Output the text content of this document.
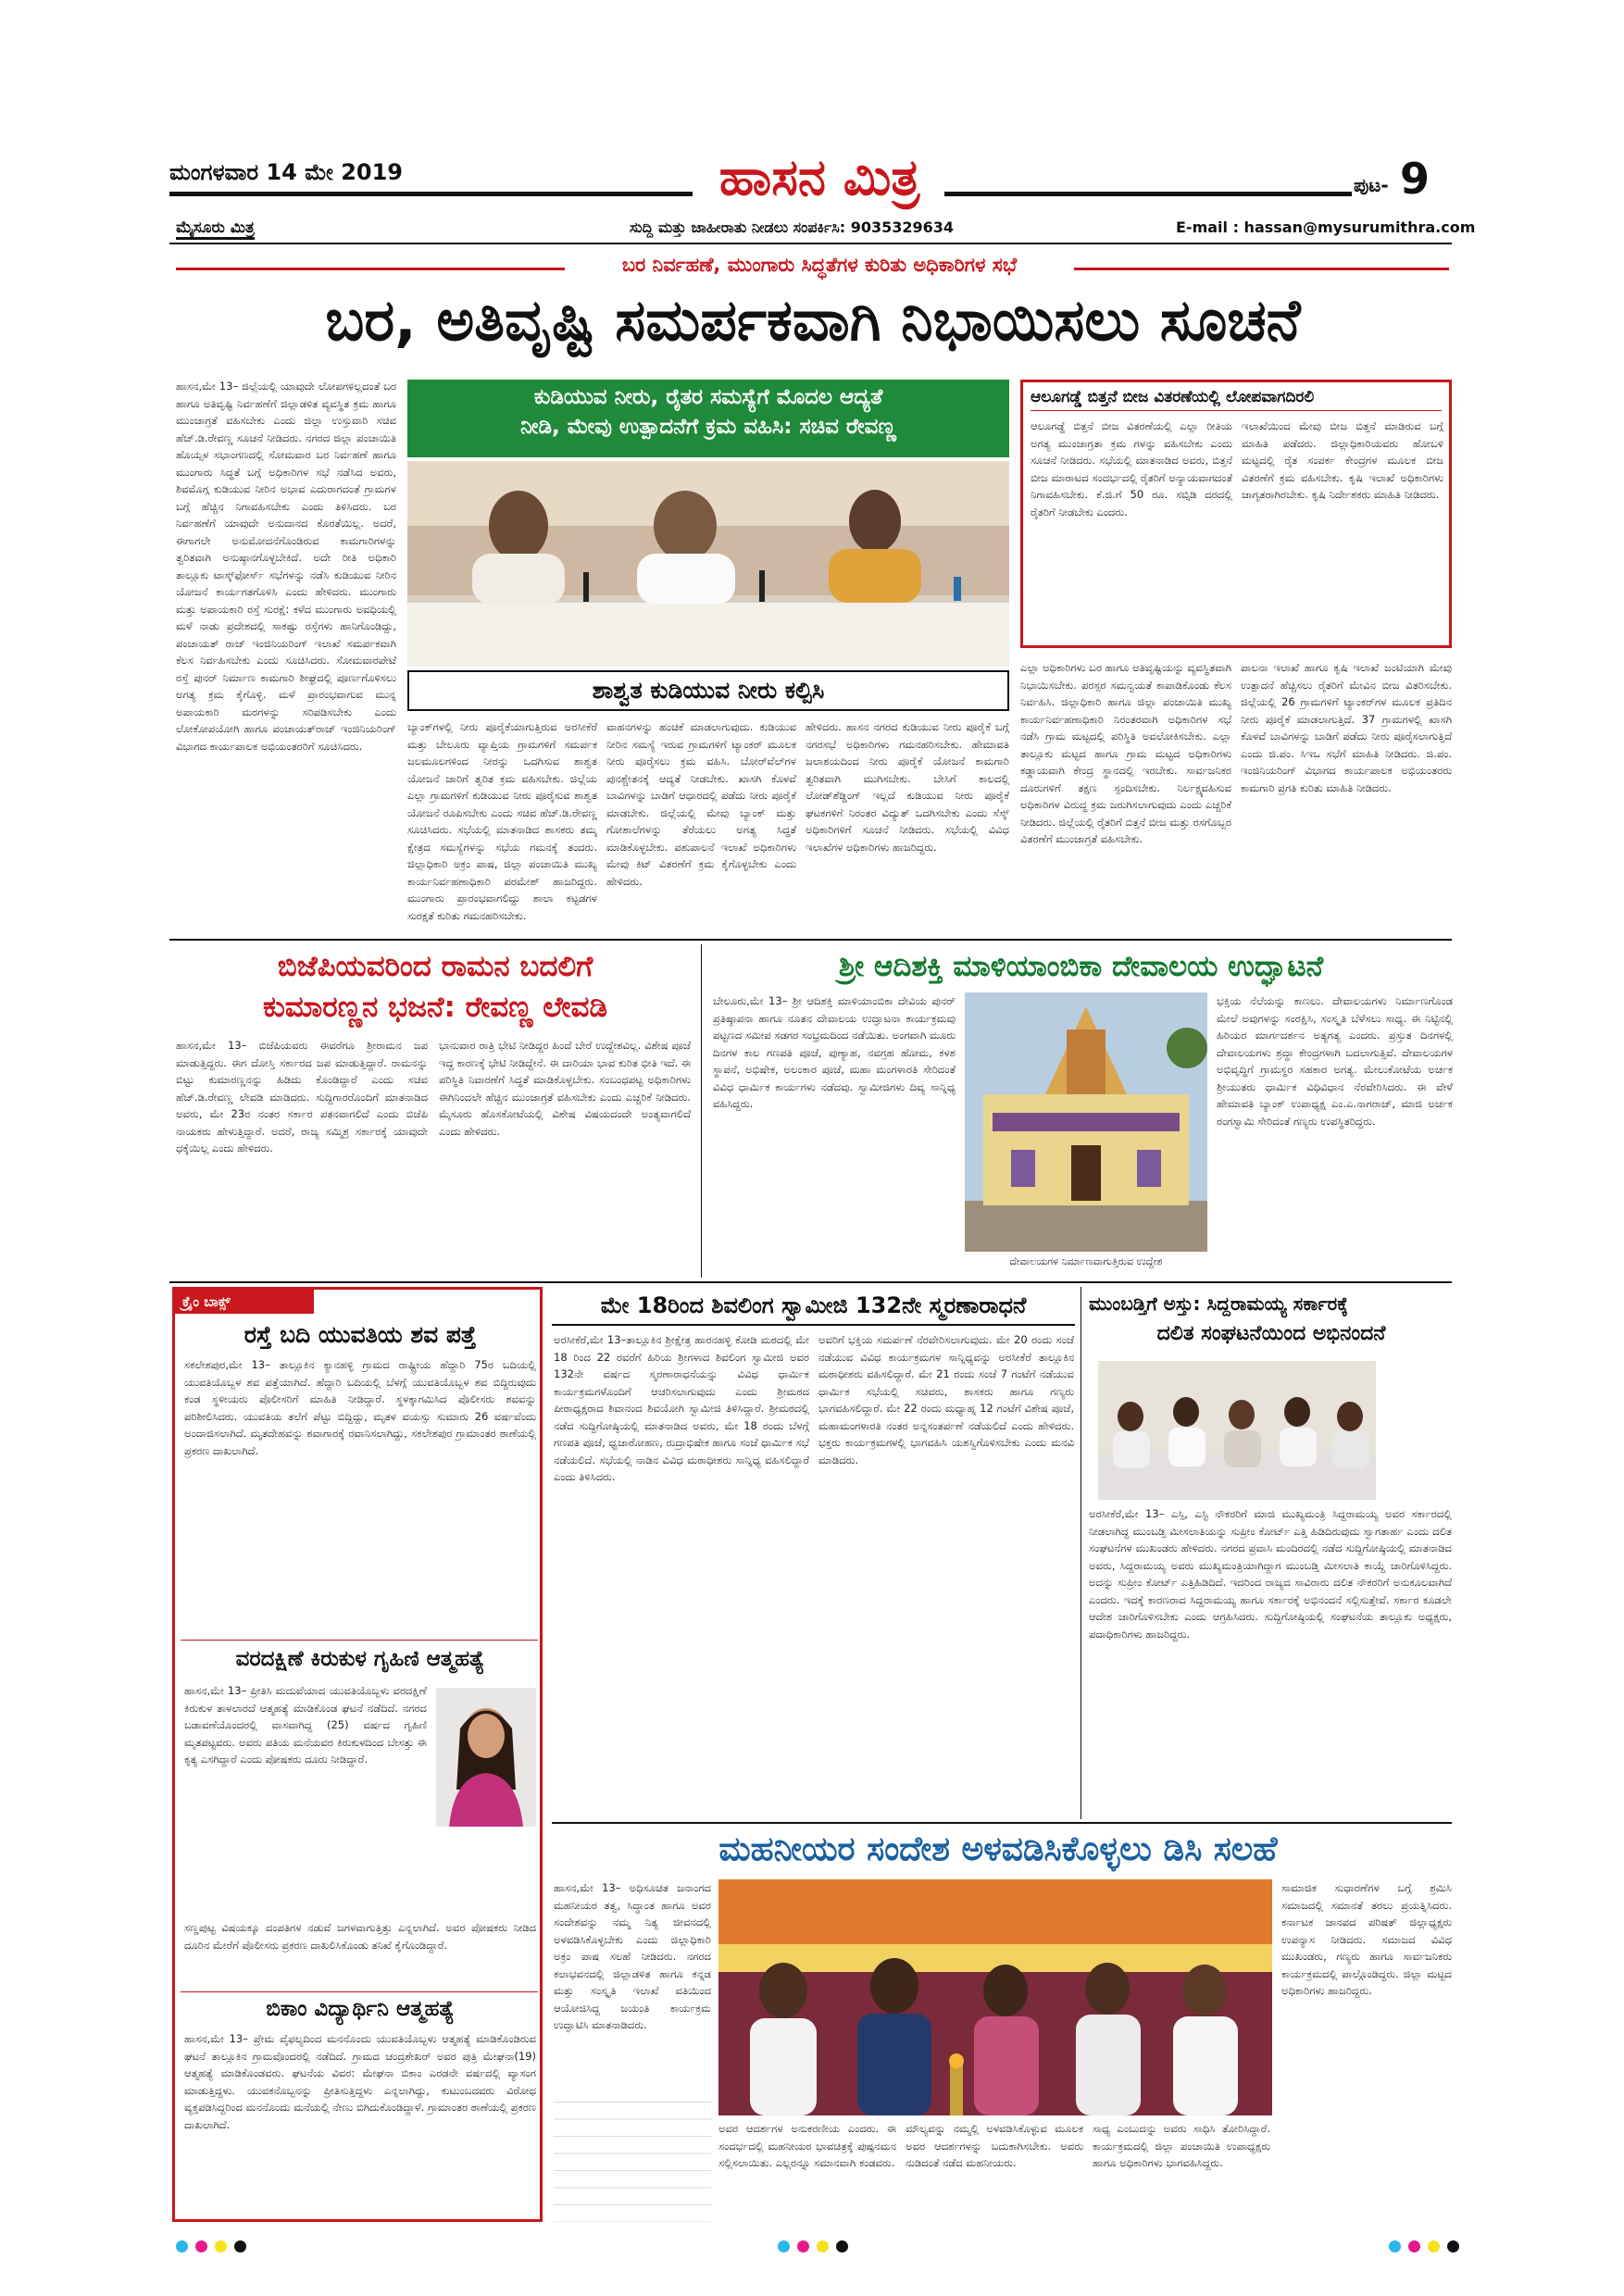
ಮಂಗಳವಾರ 14 ಮೇ 2019	ಹಾಸನ ಮಿತ್ರ	ಪುಟ- 9
ಮೈಸೂರು ಮಿತ್ರ	ಸುದ್ದಿ ಮತ್ತು ಜಾಹೀರಾತು ನೀಡಲು ಸಂಪರ್ಕಿಸಿ: 9035329634	E-mail : hassan@mysurumithra.com
ಬರ ನಿರ್ವಹಣೆ, ಮುಂಗಾರು ಸಿದ್ಧತೆಗಳ ಕುರಿತು ಅಧಿಕಾರಿಗಳ ಸಭೆ
ಬರ, ಅತಿವೃಷ್ಟಿ ಸಮರ್ಪಕವಾಗಿ ನಿಭಾಯಿಸಲು ಸೂಚನೆ
ಹಾಸನ,ಮೇ 13– ಜಿಲ್ಲೆಯಲ್ಲಿ ಯಾವುದೇ ಲೋಪಗಳಿಲ್ಲದಂತೆ ಬರ ಹಾಗೂ ಅತಿವೃಷ್ಟಿ ನಿರ್ವಹಣೆಗೆ ಜಿಲ್ಲಾಡಳಿತ ವ್ಯವಸ್ಥಿತ ಕ್ರಮ ಹಾಗೂ ಮುಂಜಾಗ್ರತೆ ವಹಿಸಬೇಕು ಎಂದು ಜಿಲ್ಲಾ ಉಸ್ತುವಾರಿ ಸಚಿವ ಹೆಚ್.ಡಿ.ರೇವಣ್ಣ ಸೂಚನೆ ನೀಡಿದರು. ನಗರದ ಜಿಲ್ಲಾ ಪಂಚಾಯಿತಿ ಹೊಯ್ಸಳ ಸಭಾಂಗಣದಲ್ಲಿ ಸೋಮವಾರ ಬರ ನಿರ್ವಹಣೆ ಹಾಗೂ ಮುಂಗಾರು ಸಿದ್ಧತೆ ಬಗ್ಗೆ ಅಧಿಕಾರಿಗಳ ಸಭೆ ನಡೆಸಿದ ಅವರು, ಶಿವಮೊಗ್ಗ ಕುಡಿಯುವ ನೀರಿನ ಅಭಾವ ಎದುರಾಗದಂತೆ ಗ್ರಾಮಗಳ ಬಗ್ಗೆ ಹೆಚ್ಚಿನ ನಿಗಾವಹಿಸಬೇಕು ಎಂದು ತಿಳಿಸಿದರು. ಬರ ನಿರ್ವಹಣೆಗೆ ಯಾವುದೇ ಅನುದಾನದ ಕೊರತೆಯಿಲ್ಲ. ಅದರೆ, ಈಗಾಗಲೇ ಅನುಮೋದನೆಗೊಂಡಿರುವ ಕಾಮಗಾರಿಗಳನ್ನು ತ್ವರಿತವಾಗಿ ಅನುಷ್ಠಾನಗೊಳ್ಳಬೇಕಿದೆ. ಅದೇ ರೀತಿ ಅಧಿಕಾರಿ ತಾಲ್ಲೂಕು ಟಾಸ್ಕ್‌ಫೋರ್ಸ್ ಸಭೆಗಳನ್ನು ನಡೆಸಿ ಕುಡಿಯುವ ನೀರಿನ ಯೋಜನೆ ಕಾರ್ಯಗತಗೊಳಿಸಿ ಎಂದು ಹೇಳಿದರು. ಮುಂಗಾರು ಮತ್ತು ಅಪಾಯಕಾರಿ ರಸ್ತೆ ಸುರಕ್ಷೆ: ಕಳೆದ ಮುಂಗಾರು ಅವಧಿಯಲ್ಲಿ ಮಳೆ ನಾಡು ಪ್ರದೇಶದಲ್ಲಿ ಸಾಕಷ್ಟು ರಸ್ತೆಗಳು ಹಾನಿಗೊಂಡಿದ್ದು, ಪಂಚಾಯತ್ ರಾಜ್ ಇಂಜಿನಿಯರಿಂಗ್ ಇಲಾಖೆ ಸಮರ್ಪಕವಾಗಿ ಕೆಲಸ ನಿರ್ವಹಿಸಬೇಕು ಎಂದು ಸೂಚಿಸಿದರು. ಸೋಮವಾರಪೇಟೆ ರಸ್ತೆ ಪುನರ್ ನಿರ್ಮಾಣ ಕಾಮಗಾರಿ ಶೀಘ್ರದಲ್ಲಿ ಪೂರ್ಣಗೊಳಿಸಲು ಅಗತ್ಯ ಕ್ರಮ ಕೈಗೊಳ್ಳಿ. ಮಳೆ ಪ್ರಾರಂಭವಾಗುವ ಮುನ್ನ ಅಪಾಯಕಾರಿ ಮರಗಳನ್ನು ಸರಿಪಡಿಸಬೇಕು ಎಂದು ಲೋಕೋಪಯೋಗಿ ಹಾಗೂ ಪಂಚಾಯತ್‌ರಾಜ್ ಇಂಜಿನಿಯರಿಂಗ್ ವಿಭಾಗದ ಕಾರ್ಯಪಾಲಕ ಅಭಿಯಂತರರಿಗೆ ಸೂಚಿಸಿದರು.
ಕುಡಿಯುವ ನೀರು, ರೈತರ ಸಮಸ್ಯೆಗೆ ಮೊದಲ ಆದ್ಯತೆ
ನೀಡಿ, ಮೇವು ಉತ್ಪಾದನೆಗೆ ಕ್ರಮ ವಹಿಸಿ: ಸಚಿವ ರೇವಣ್ಣ
ಶಾಶ್ವತ ಕುಡಿಯುವ ನೀರು ಕಲ್ಪಿಸಿ
ಬ್ಯಾಂಕ್‌ಗಳಲ್ಲಿ ನೀರು ಪೂರೈಕೆಯಾಗುತ್ತಿರುವ ಅರಸೀಕೆರೆ ಮತ್ತು ಬೇಲೂರು ವ್ಯಾಪ್ತಿಯ ಗ್ರಾಮಗಳಿಗೆ ಸಮರ್ಪಕ ಜಲಮೂಲಗಳಿಂದ ನೀರನ್ನು ಒದಗಿಸುವ ಶಾಶ್ವತ ಯೋಜನೆ ಜಾರಿಗೆ ತ್ವರಿತ ಕ್ರಮ ವಹಿಸಬೇಕು. ಜಿಲ್ಲೆಯ ಎಲ್ಲಾ ಗ್ರಾಮಗಳಿಗೆ ಕುಡಿಯುವ ನೀರು ಪೂರೈಸುವ ಶಾಶ್ವತ ಯೋಜನೆ ರೂಪಿಸಬೇಕು ಎಂದು ಸಚಿವ ಹೆಚ್.ಡಿ.ರೇವಣ್ಣ ಸೂಚಿಸಿದರು. ಸಭೆಯಲ್ಲಿ ಮಾತನಾಡಿದ ಶಾಸಕರು ತಮ್ಮ ಕ್ಷೇತ್ರದ ಸಮಸ್ಯೆಗಳನ್ನು ಸಭೆಯ ಗಮನಕ್ಕೆ ತಂದರು. ಜಿಲ್ಲಾಧಿಕಾರಿ ಅಕ್ರಂ ಪಾಷ, ಜಿಲ್ಲಾ ಪಂಚಾಯಿತಿ ಮುಖ್ಯ ಕಾರ್ಯನಿರ್ವಹಣಾಧಿಕಾರಿ ಪರಮೇಶ್ ಹಾಜರಿದ್ದರು. ಮುಂಗಾರು ಪ್ರಾರಂಭವಾಗಲಿದ್ದು ಶಾಲಾ ಕಟ್ಟಡಗಳ ಸುರಕ್ಷತೆ ಕುರಿತು ಗಮನಹರಿಸಬೇಕು.
ವಾಹನಗಳನ್ನು ಹಂಚಿಕೆ ಮಾಡಲಾಗುವುದು. ಕುಡಿಯುವ ನೀರಿನ ಸಮಸ್ಯೆ ಇರುವ ಗ್ರಾಮಗಳಿಗೆ ಟ್ಯಾಂಕರ್ ಮೂಲಕ ನೀರು ಪೂರೈಸಲು ಕ್ರಮ ವಹಿಸಿ. ಬೋರ್‌ವೆಲ್‌ಗಳ ಪುನಶ್ಚೇತನಕ್ಕೆ ಆದ್ಯತೆ ನೀಡಬೇಕು. ಖಾಸಗಿ ಕೊಳವೆ ಬಾವಿಗಳನ್ನು ಬಾಡಿಗೆ ಆಧಾರದಲ್ಲಿ ಪಡೆದು ನೀರು ಪೂರೈಕೆ ಮಾಡಬೇಕು. ಜಿಲ್ಲೆಯಲ್ಲಿ ಮೇವು ಬ್ಯಾಂಕ್ ಮತ್ತು ಗೋಶಾಲೆಗಳನ್ನು ತೆರೆಯಲು ಅಗತ್ಯ ಸಿದ್ಧತೆ ಮಾಡಿಕೊಳ್ಳಬೇಕು. ಪಶುಪಾಲನೆ ಇಲಾಖೆ ಅಧಿಕಾರಿಗಳು ಮೇವು ಕಿಟ್ ವಿತರಣೆಗೆ ಕ್ರಮ ಕೈಗೊಳ್ಳಬೇಕು ಎಂದು ಹೇಳಿದರು.
ಹೇಳಿದರು. ಹಾಸನ ನಗರದ ಕುಡಿಯುವ ನೀರು ಪೂರೈಕೆ ಬಗ್ಗೆ ನಗರಸಭೆ ಅಧಿಕಾರಿಗಳು ಗಮನಹರಿಸಬೇಕು. ಹೇಮಾವತಿ ಜಲಾಶಯದಿಂದ ನೀರು ಪೂರೈಕೆ ಯೋಜನೆ ಕಾಮಗಾರಿ ತ್ವರಿತವಾಗಿ ಮುಗಿಸಬೇಕು. ಬೇಸಿಗೆ ಕಾಲದಲ್ಲಿ ಲೋಡ್‌ಶೆಡ್ಡಿಂಗ್ ಇಲ್ಲದೆ ಕುಡಿಯುವ ನೀರು ಪೂರೈಕೆ ಘಟಕಗಳಿಗೆ ನಿರಂತರ ವಿದ್ಯುತ್ ಒದಗಿಸಬೇಕು ಎಂದು ಸೆಸ್ಕ್ ಅಧಿಕಾರಿಗಳಿಗೆ ಸೂಚನೆ ನೀಡಿದರು. ಸಭೆಯಲ್ಲಿ ವಿವಿಧ ಇಲಾಖೆಗಳ ಅಧಿಕಾರಿಗಳು ಹಾಜರಿದ್ದರು.
ಆಲೂಗಡ್ಡೆ ಬಿತ್ತನೆ ಬೀಜ ವಿತರಣೆಯಲ್ಲಿ ಲೋಪವಾಗದಿರಲಿ
ಆಲೂಗಡ್ಡೆ ಬಿತ್ತನೆ ಬೀಜ ವಿತರಣೆಯಲ್ಲಿ ಎಲ್ಲಾ ರೀತಿಯ ಅಗತ್ಯ ಮುಂಜಾಗ್ರತಾ ಕ್ರಮ ಗಳನ್ನು ವಹಿಸಬೇಕು ಎಂದು ಸೂಚನೆ ನೀಡಿದರು. ಸಭೆಯಲ್ಲಿ ಮಾತನಾಡಿದ ಅವರು, ಬಿತ್ತನೆ ಬೀಜ ಮಾರಾಟದ ಸಂದರ್ಭದಲ್ಲಿ ರೈತರಿಗೆ ಅನ್ಯಾಯವಾಗದಂತೆ ನಿಗಾವಹಿಸಬೇಕು. ಕೆ.ಜಿ.ಗೆ 50 ರೂ. ಸಬ್ಸಿಡಿ ದರದಲ್ಲಿ ರೈತರಿಗೆ ನೀಡಬೇಕು ಎಂದರು.
ಇಲಾಖೆಯಿಂದ ಮೇವು ಬೀಜ ಬಿತ್ತನೆ ಮಾಡಿರುವ ಬಗ್ಗೆ ಮಾಹಿತಿ ಪಡೆದರು. ಜಿಲ್ಲಾಧಿಕಾರಿಯವರು ಹೋಬಳಿ ಮಟ್ಟದಲ್ಲಿ ರೈತ ಸಂಪರ್ಕ ಕೇಂದ್ರಗಳ ಮೂಲಕ ಬೀಜ ವಿತರಣೆಗೆ ಕ್ರಮ ವಹಿಸಬೇಕು. ಕೃಷಿ ಇಲಾಖೆ ಅಧಿಕಾರಿಗಳು ಜಾಗೃತರಾಗಿರಬೇಕು. ಕೃಷಿ ನಿರ್ದೇಶಕರು ಮಾಹಿತಿ ನೀಡಿದರು.
ಎಲ್ಲಾ ಅಧಿಕಾರಿಗಳು ಬರ ಹಾಗೂ ಅತಿವೃಷ್ಟಿಯನ್ನು ವ್ಯವಸ್ಥಿತವಾಗಿ ನಿಭಾಯಿಸಬೇಕು. ಪರಸ್ಪರ ಸಮನ್ವಯತೆ ಕಾಪಾಡಿಕೊಂಡು ಕೆಲಸ ನಿರ್ವಹಿಸಿ. ಜಿಲ್ಲಾಧಿಕಾರಿ ಹಾಗೂ ಜಿಲ್ಲಾ ಪಂಚಾಯಿತಿ ಮುಖ್ಯ ಕಾರ್ಯನಿರ್ವಹಣಾಧಿಕಾರಿ ನಿರಂತರವಾಗಿ ಅಧಿಕಾರಿಗಳ ಸಭೆ ನಡೆಸಿ ಗ್ರಾಮ ಮಟ್ಟದಲ್ಲಿ ಪರಿಸ್ಥಿತಿ ಅವಲೋಕಿಸಬೇಕು. ಎಲ್ಲಾ ತಾಲ್ಲೂಕು ಮಟ್ಟದ ಹಾಗೂ ಗ್ರಾಮ ಮಟ್ಟದ ಅಧಿಕಾರಿಗಳು ಕಡ್ಡಾಯವಾಗಿ ಕೇಂದ್ರ ಸ್ಥಾನದಲ್ಲಿ ಇರಬೇಕು. ಸಾರ್ವಜನಿಕರ ದೂರುಗಳಿಗೆ ತಕ್ಷಣ ಸ್ಪಂದಿಸಬೇಕು. ನಿರ್ಲಕ್ಷ್ಯವಹಿಸುವ ಅಧಿಕಾರಿಗಳ ವಿರುದ್ಧ ಕ್ರಮ ಜರುಗಿಸಲಾಗುವುದು ಎಂದು ಎಚ್ಚರಿಕೆ ನೀಡಿದರು. ಜಿಲ್ಲೆಯಲ್ಲಿ ರೈತರಿಗೆ ಬಿತ್ತನೆ ಬೀಜ ಮತ್ತು ರಸಗೊಬ್ಬರ ವಿತರಣೆಗೆ ಮುಂಜಾಗ್ರತೆ ವಹಿಸಬೇಕು.
ಪಾಲನಾ ಇಲಾಖೆ ಹಾಗೂ ಕೃಷಿ ಇಲಾಖೆ ಜಂಟಿಯಾಗಿ ಮೇವು ಉತ್ಪಾದನೆ ಹೆಚ್ಚಿಸಲು ರೈತರಿಗೆ ಮೇವಿನ ಬೀಜ ವಿತರಿಸಬೇಕು. ಜಿಲ್ಲೆಯಲ್ಲಿ 26 ಗ್ರಾಮಗಳಿಗೆ ಟ್ಯಾಂಕರ್‌ಗಳ ಮೂಲಕ ಪ್ರತಿದಿನ ನೀರು ಪೂರೈಕೆ ಮಾಡಲಾಗುತ್ತಿದೆ. 37 ಗ್ರಾಮಗಳಲ್ಲಿ ಖಾಸಗಿ ಕೊಳವೆ ಬಾವಿಗಳನ್ನು ಬಾಡಿಗೆ ಪಡೆದು ನೀರು ಪೂರೈಸಲಾಗುತ್ತಿದೆ ಎಂದು ಜಿ.ಪಂ. ಸಿಇಒ ಸಭೆಗೆ ಮಾಹಿತಿ ನೀಡಿದರು. ಜಿ.ಪಂ. ಇಂಜಿನಿಯರಿಂಗ್ ವಿಭಾಗದ ಕಾರ್ಯಪಾಲಕ ಅಭಿಯಂತರರು ಕಾಮಗಾರಿ ಪ್ರಗತಿ ಕುರಿತು ಮಾಹಿತಿ ನೀಡಿದರು.
ಬಿಜೆಪಿಯವರಿಂದ ರಾಮನ ಬದಲಿಗೆ
ಕುಮಾರಣ್ಣನ ಭಜನೆ: ರೇವಣ್ಣ ಲೇವಡಿ
ಹಾಸನ,ಮೇ 13– ಬಿಜೆಪಿಯವರು ಈವರೆಗೂ ಶ್ರೀರಾಮನ ಜಪ ಮಾಡುತ್ತಿದ್ದರು. ಈಗ ದೋಸ್ತಿ ಸರ್ಕಾರದ ಜಪ ಮಾಡುತ್ತಿದ್ದಾರೆ. ರಾಮನನ್ನು ಬಿಟ್ಟು ಕುಮಾರಣ್ಣನನ್ನು ಹಿಡಿದು ಕೊಂಡಿದ್ದಾರೆ ಎಂದು ಸಚಿವ ಹೆಚ್.ಡಿ.ರೇವಣ್ಣ ಲೇವಡಿ ಮಾಡಿದರು. ಸುದ್ದಿಗಾರರೊಂದಿಗೆ ಮಾತನಾಡಿದ ಅವರು, ಮೇ 23ರ ನಂತರ ಸರ್ಕಾರ ಪತನವಾಗಲಿದೆ ಎಂದು ಬಿಜೆಪಿ ನಾಯಕರು ಹೇಳುತ್ತಿದ್ದಾರೆ. ಅದರೆ, ರಾಜ್ಯ ಸಮ್ಮಿಶ್ರ ಸರ್ಕಾರಕ್ಕೆ ಯಾವುದೇ ಧಕ್ಕೆಯಿಲ್ಲ ಎಂದು ಹೇಳಿದರು.
ಭಾನುವಾರ ರಾತ್ರಿ ಭೇಟಿ ನೀಡಿದ್ದರ ಹಿಂದೆ ಬೇರೆ ಉದ್ದೇಶವಿಲ್ಲ. ವಿಶೇಷ ಪೂಜೆ ಇದ್ದ ಕಾರಣಕ್ಕೆ ಭೇಟಿ ನೀಡಿದ್ದೇನೆ. ಈ ದಾರಿಯಾ ಭಾವ ಕುರಿತ ಭೀತಿ ಇದೆ. ಈ ಪರಿಸ್ಥಿತಿ ನಿವಾರಣೆಗೆ ಸಿದ್ಧತೆ ಮಾಡಿಕೊಳ್ಳಬೇಕು. ಸಂಬಂಧಪಟ್ಟ ಅಧಿಕಾರಿಗಳು ಈಗಿನಿಂದಲೇ ಹೆಚ್ಚಿನ ಮುಂಜಾಗ್ರತೆ ವಹಿಸಬೇಕು ಎಂದು ಎಚ್ಚರಿಕೆ ನೀಡಿದರು. ಮೈಸೂರು ಹೊಸಕೋಟೆಯಲ್ಲಿ ವಿಶೇಷ ವಿಷಯದಂದೇ ಅಂತ್ಯವಾಗಲಿದೆ ಎಂದು ಹೇಳಿದರು.
ಶ್ರೀ ಆದಿಶಕ್ತಿ ಮಾಳಿಯಾಂಬಿಕಾ ದೇವಾಲಯ ಉದ್ಘಾಟನೆ
ಬೇಲೂರು,ಮೇ 13– ಶ್ರೀ ಆದಿಶಕ್ತಿ ಮಾಳಿಯಾಂಬಿಕಾ ದೇವಿಯ ಪುನರ್ ಪ್ರತಿಷ್ಠಾಪನಾ ಹಾಗೂ ನೂತನ ದೇವಾಲಯ ಉದ್ಘಾಟನಾ ಕಾರ್ಯಕ್ರಮವು ಪಟ್ಟಣದ ಸಮೀಪ ಸಡಗರ ಸಂಭ್ರಮದಿಂದ ನಡೆಯಿತು. ಅಂಗವಾಗಿ ಮೂರು ದಿನಗಳ ಕಾಲ ಗಣಪತಿ ಪೂಜೆ, ಪುಣ್ಯಾಹ, ನವಗ್ರಹ ಹೋಮ, ಕಳಶ ಸ್ಥಾಪನೆ, ಅಭಿಷೇಕ, ಅಲಂಕಾರ ಪೂಜೆ, ಮಹಾ ಮಂಗಳಾರತಿ ಸೇರಿದಂತೆ ವಿವಿಧ ಧಾರ್ಮಿಕ ಕಾರ್ಯಗಳು ನಡೆದವು. ಸ್ವಾಮೀಜಿಗಳು ದಿವ್ಯ ಸಾನ್ನಿಧ್ಯ ವಹಿಸಿದ್ದರು.
ದೇವಾಲಯಗಳ ನಿರ್ಮಾಣವಾಗುತ್ತಿರುವ ಉದ್ದೇಶ
ಭಕ್ತಿಯ ನೆಲೆಯನ್ನು ಕಾಣಲು. ದೇವಾಲಯಗಳು ನಿರ್ಮಾಣಗೊಂಡ ಮೇಲೆ ಅವುಗಳನ್ನು ಸಂರಕ್ಷಿಸಿ, ಸಂಸ್ಕೃತಿ ಬೆಳೆಸಲು ಸಾಧ್ಯ. ಈ ನಿಟ್ಟಿನಲ್ಲಿ ಹಿರಿಯರ ಮಾರ್ಗದರ್ಶನ ಅತ್ಯಗತ್ಯ ಎಂದರು. ಪ್ರಸ್ತುತ ದಿನಗಳಲ್ಲಿ ದೇವಾಲಯಗಳು ಶ್ರದ್ಧಾ ಕೇಂದ್ರಗಳಾಗಿ ಬದಲಾಗುತ್ತಿವೆ. ದೇವಾಲಯಗಳ ಅಭಿವೃದ್ಧಿಗೆ ಗ್ರಾಮಸ್ಥರ ಸಹಕಾರ ಅಗತ್ಯ. ಮೇಲುಕೋಟೆಯ ಅರ್ಚಕ ಶ್ರೀಯುತರು ಧಾರ್ಮಿಕ ವಿಧಿವಿಧಾನ ನೆರವೇರಿಸಿದರು. ಈ ವೇಳೆ ಹೇಮಾವತಿ ಬ್ಯಾಂಕ್ ಉಪಾಧ್ಯಕ್ಷ ಎಂ.ಎ.ನಾಗರಾಜ್, ಮಾಜಿ ಅರ್ಚಕ ರಂಗಸ್ವಾಮಿ ಸೇರಿದಂತೆ ಗಣ್ಯರು ಉಪಸ್ಥಿತರಿದ್ದರು.
ಕ್ರೈಂ ಬಾಕ್ಸ್
ರಸ್ತೆ ಬದಿ ಯುವತಿಯ ಶವ ಪತ್ತೆ
ಸಕಲೇಶಪುರ,ಮೇ 13– ತಾಲ್ಲೂಕಿನ ಕ್ಯಾನಹಳ್ಳಿ ಗ್ರಾಮದ ರಾಷ್ಟ್ರೀಯ ಹೆದ್ದಾರಿ 75ರ ಬದಿಯಲ್ಲಿ ಯುವತಿಯೊಬ್ಬಳ ಶವ ಪತ್ತೆಯಾಗಿದೆ. ಹೆದ್ದಾರಿ ಬದಿಯಲ್ಲಿ ಬೆಳಗ್ಗೆ ಯುವತಿಯೊಬ್ಬಳ ಶವ ಬಿದ್ದಿರುವುದು ಕಂಡ ಸ್ಥಳೀಯರು ಪೊಲೀಸರಿಗೆ ಮಾಹಿತಿ ನೀಡಿದ್ದಾರೆ. ಸ್ಥಳಕ್ಕಾಗಮಿಸಿದ ಪೊಲೀಸರು ಶವವನ್ನು ಪರಿಶೀಲಿಸಿದರು. ಯುವತಿಯ ತಲೆಗೆ ಪೆಟ್ಟು ಬಿದ್ದಿದ್ದು, ಮೃತಳ ವಯಸ್ಸು ಸುಮಾರು 26 ವರ್ಷವೆಂದು ಅಂದಾಜಿಸಲಾಗಿದೆ. ಮೃತದೇಹವನ್ನು ಶವಾಗಾರಕ್ಕೆ ರವಾನಿಸಲಾಗಿದ್ದು, ಸಕಲೇಶಪುರ ಗ್ರಾಮಾಂತರ ಠಾಣೆಯಲ್ಲಿ ಪ್ರಕರಣ ದಾಖಲಾಗಿದೆ.
ವರದಕ್ಷಿಣೆ ಕಿರುಕುಳ ಗೃಹಿಣಿ ಆತ್ಮಹತ್ಯೆ
ಹಾಸನ,ಮೇ 13– ಪ್ರೀತಿಸಿ ಮದುವೆಯಾದ ಯುವತಿಯೊಬ್ಬಳು ವರದಕ್ಷಿಣೆ ಕಿರುಕುಳ ತಾಳಲಾರದೆ ಆತ್ಮಹತ್ಯೆ ಮಾಡಿಕೊಂಡ ಘಟನೆ ನಡೆದಿದೆ. ನಗರದ ಬಡಾವಣೆಯೊಂದರಲ್ಲಿ ವಾಸವಾಗಿದ್ದ (25) ವರ್ಷದ ಗೃಹಿಣಿ ಮೃತಪಟ್ಟವರು. ಅವರು ಪತಿಯ ಮನೆಯವರ ಕಿರುಕುಳದಿಂದ ಬೇಸತ್ತು ಈ ಕೃತ್ಯ ಎಸಗಿದ್ದಾರೆ ಎಂದು ಪೋಷಕರು ದೂರು ನೀಡಿದ್ದಾರೆ.
ಸಣ್ಣಪುಟ್ಟ ವಿಷಯಕ್ಕೂ ದಂಪತಿಗಳ ನಡುವೆ ಜಗಳವಾಗುತ್ತಿತ್ತು ಎನ್ನಲಾಗಿದೆ. ಅವರ ಪೋಷಕರು ನೀಡಿದ ದೂರಿನ ಮೇರೆಗೆ ಪೊಲೀಸರು ಪ್ರಕರಣ ದಾಖಲಿಸಿಕೊಂಡು ತನಿಖೆ ಕೈಗೊಂಡಿದ್ದಾರೆ.
ಬಿಕಾಂ ವಿದ್ಯಾರ್ಥಿನಿ ಆತ್ಮಹತ್ಯೆ
ಹಾಸನ,ಮೇ 13– ಪ್ರೇಮ ವೈಫಲ್ಯದಿಂದ ಮನನೊಂದು ಯುವತಿಯೊಬ್ಬಳು ಆತ್ಮಹತ್ಯೆ ಮಾಡಿಕೊಂಡಿರುವ ಘಟನೆ ತಾಲ್ಲೂಕಿನ ಗ್ರಾಮವೊಂದರಲ್ಲಿ ನಡೆದಿದೆ. ಗ್ರಾಮದ ಚಂದ್ರಶೇಖರ್ ಅವರ ಪುತ್ರಿ ಮೇಘನಾ(19) ಆತ್ಮಹತ್ಯೆ ಮಾಡಿಕೊಂಡವರು. ಘಟನೆಯ ವಿವರ: ಮೇಘನಾ ಬಿಕಾಂ ಎರಡನೇ ವರ್ಷದಲ್ಲಿ ವ್ಯಾಸಂಗ ಮಾಡುತ್ತಿದ್ದಳು. ಯುವಕನೊಬ್ಬನನ್ನು ಪ್ರೀತಿಸುತ್ತಿದ್ದಳು ಎನ್ನಲಾಗಿದ್ದು, ಕುಟುಂಬದವರು ವಿರೋಧ ವ್ಯಕ್ತಪಡಿಸಿದ್ದರಿಂದ ಮನನೊಂದು ಮನೆಯಲ್ಲಿ ನೇಣು ಬಿಗಿದುಕೊಂಡಿದ್ದಾಳೆ. ಗ್ರಾಮಾಂತರ ಠಾಣೆಯಲ್ಲಿ ಪ್ರಕರಣ ದಾಖಲಾಗಿದೆ.
ಮೇ 18ರಿಂದ ಶಿವಲಿಂಗ ಸ್ವಾಮೀಜಿ 132ನೇ ಸ್ಮರಣಾರಾಧನೆ
ಅರಸೀಕೆರೆ,ಮೇ 13–ತಾಲ್ಲೂಕಿನ ಶ್ರೀಕ್ಷೇತ್ರ ಹಾರನಹಳ್ಳಿ ಕೋಡಿ ಮಠದಲ್ಲಿ ಮೇ 18 ರಿಂದ 22 ರವರೆಗೆ ಹಿರಿಯ ಶ್ರೀಗಳಾದ ಶಿವಲಿಂಗ ಸ್ವಾಮೀಜಿ ಅವರ 132ನೇ ವರ್ಷದ ಸ್ಮರಣಾರಾಧನೆಯನ್ನು ವಿವಿಧ ಧಾರ್ಮಿಕ ಕಾರ್ಯಕ್ರಮಗಳೊಂದಿಗೆ ಆಚರಿಸಲಾಗುವುದು ಎಂದು ಶ್ರೀಮಠದ ಪೀಠಾಧ್ಯಕ್ಷರಾದ ಶಿವಾನಂದ ಶಿವಯೋಗಿ ಸ್ವಾಮೀಜಿ ತಿಳಿಸಿದ್ದಾರೆ. ಶ್ರೀಮಠದಲ್ಲಿ ನಡೆದ ಸುದ್ದಿಗೋಷ್ಠಿಯಲ್ಲಿ ಮಾತನಾಡಿದ ಅವರು, ಮೇ 18 ರಂದು ಬೆಳಗ್ಗೆ ಗಣಪತಿ ಪೂಜೆ, ಧ್ವಜಾರೋಹಣ, ರುದ್ರಾಭಿಷೇಕ ಹಾಗೂ ಸಂಜೆ ಧಾರ್ಮಿಕ ಸಭೆ ನಡೆಯಲಿದೆ. ಸಭೆಯಲ್ಲಿ ನಾಡಿನ ವಿವಿಧ ಮಠಾಧೀಶರು ಸಾನ್ನಿಧ್ಯ ವಹಿಸಲಿದ್ದಾರೆ ಎಂದು ತಿಳಿಸಿದರು.
ಅವರಿಗೆ ಭಕ್ತಿಯ ಸಮರ್ಪಣೆ ನೆರವೇರಿಸಲಾಗುವುದು. ಮೇ 20 ರಂದು ಸಂಜೆ ನಡೆಯುವ ವಿವಿಧ ಕಾರ್ಯಕ್ರಮಗಳ ಸಾನ್ನಿಧ್ಯವನ್ನು ಅರಸೀಕೆರೆ ತಾಲ್ಲೂಕಿನ ಮಠಾಧೀಶರು ವಹಿಸಲಿದ್ದಾರೆ. ಮೇ 21 ರಂದು ಸಂಜೆ 7 ಗಂಟೆಗೆ ನಡೆಯುವ ಧಾರ್ಮಿಕ ಸಭೆಯಲ್ಲಿ ಸಚಿವರು, ಶಾಸಕರು ಹಾಗೂ ಗಣ್ಯರು ಭಾಗವಹಿಸಲಿದ್ದಾರೆ. ಮೇ 22 ರಂದು ಮಧ್ಯಾಹ್ನ 12 ಗಂಟೆಗೆ ವಿಶೇಷ ಪೂಜೆ, ಮಹಾಮಂಗಳಾರತಿ ನಂತರ ಅನ್ನಸಂತರ್ಪಣೆ ನಡೆಯಲಿದೆ ಎಂದು ಹೇಳಿದರು. ಭಕ್ತರು ಕಾರ್ಯಕ್ರಮಗಳಲ್ಲಿ ಭಾಗವಹಿಸಿ ಯಶಸ್ವಿಗೊಳಿಸಬೇಕು ಎಂದು ಮನವಿ ಮಾಡಿದರು.
ಮುಂಬಡ್ತಿಗೆ ಅಸ್ತು: ಸಿದ್ದರಾಮಯ್ಯ ಸರ್ಕಾರಕ್ಕೆ
ದಲಿತ ಸಂಘಟನೆಯಿಂದ ಅಭಿನಂದನೆ
ಅರಸೀಕೆರೆ,ಮೇ 13– ಎಸ್ಸಿ, ಎಸ್ಟಿ ನೌಕರರಿಗೆ ಮಾಜಿ ಮುಖ್ಯಮಂತ್ರಿ ಸಿದ್ದರಾಮಯ್ಯ ಅವರ ಸರ್ಕಾರದಲ್ಲಿ ನೀಡಲಾಗಿದ್ದ ಮುಂಬಡ್ತಿ ಮೀಸಲಾತಿಯನ್ನು ಸುಪ್ರೀಂ ಕೋರ್ಟ್ ಎತ್ತಿ ಹಿಡಿದಿರುವುದು ಸ್ವಾಗತಾರ್ಹ ಎಂದು ದಲಿತ ಸಂಘಟನೆಗಳ ಮುಖಂಡರು ಹೇಳಿದರು. ನಗರದ ಪ್ರವಾಸಿ ಮಂದಿರದಲ್ಲಿ ನಡೆದ ಸುದ್ದಿಗೋಷ್ಠಿಯಲ್ಲಿ ಮಾತನಾಡಿದ ಅವರು, ಸಿದ್ದರಾಮಯ್ಯ ಅವರು ಮುಖ್ಯಮಂತ್ರಿಯಾಗಿದ್ದಾಗ ಮುಂಬಡ್ತಿ ಮೀಸಲಾತಿ ಕಾಯ್ದೆ ಜಾರಿಗೊಳಿಸಿದ್ದರು. ಅದನ್ನು ಸುಪ್ರೀಂ ಕೋರ್ಟ್ ಎತ್ತಿಹಿಡಿದಿದೆ. ಇದರಿಂದ ರಾಜ್ಯದ ಸಾವಿರಾರು ದಲಿತ ನೌಕರರಿಗೆ ಅನುಕೂಲವಾಗಿದೆ ಎಂದರು. ಇದಕ್ಕೆ ಕಾರಣರಾದ ಸಿದ್ದರಾಮಯ್ಯ ಹಾಗೂ ಸರ್ಕಾರಕ್ಕೆ ಅಭಿನಂದನೆ ಸಲ್ಲಿಸುತ್ತೇವೆ. ಸರ್ಕಾರ ಕೂಡಲೇ ಆದೇಶ ಜಾರಿಗೊಳಿಸಬೇಕು ಎಂದು ಆಗ್ರಹಿಸಿದರು. ಸುದ್ದಿಗೋಷ್ಠಿಯಲ್ಲಿ ಸಂಘಟನೆಯ ತಾಲ್ಲೂಕು ಅಧ್ಯಕ್ಷರು, ಪದಾಧಿಕಾರಿಗಳು ಹಾಜರಿದ್ದರು.
ಮಹನೀಯರ ಸಂದೇಶ ಅಳವಡಿಸಿಕೊಳ್ಳಲು ಡಿಸಿ ಸಲಹೆ
ಹಾಸನ,ಮೇ 13– ಅಧಿಸೂಚಿತ ಜನಾಂಗದ ಮಹನೀಯರ ತತ್ವ, ಸಿದ್ಧಾಂತ ಹಾಗೂ ಅವರ ಸಂದೇಶವನ್ನು ನಮ್ಮ ನಿತ್ಯ ಜೀವನದಲ್ಲಿ ಅಳವಡಿಸಿಕೊಳ್ಳಬೇಕು ಎಂದು ಜಿಲ್ಲಾಧಿಕಾರಿ ಅಕ್ರಂ ಪಾಷ ಸಲಹೆ ನೀಡಿದರು. ನಗರದ ಕಲಾಭವನದಲ್ಲಿ ಜಿಲ್ಲಾಡಳಿತ ಹಾಗೂ ಕನ್ನಡ ಮತ್ತು ಸಂಸ್ಕೃತಿ ಇಲಾಖೆ ವತಿಯಿಂದ ಆಯೋಜಿಸಿದ್ದ ಜಯಂತಿ ಕಾರ್ಯಕ್ರಮ ಉದ್ಘಾಟಿಸಿ ಮಾತನಾಡಿದರು.
ಅವರ ಆದರ್ಶಗಳ ಅನುಕರಣೀಯ ಎಂದರು. ಈ ಸಂದರ್ಭದಲ್ಲಿ ಮಹನೀಯರ ಭಾವಚಿತ್ರಕ್ಕೆ ಪುಷ್ಪನಮನ ಸಲ್ಲಿಸಲಾಯಿತು. ಎಲ್ಲರನ್ನೂ ಸಮಾನವಾಗಿ ಕಂಡವರು.
ಮೌಲ್ಯವನ್ನು ನಮ್ಮಲ್ಲಿ ಅಳವಡಿಸಿಕೊಳ್ಳುವ ಮೂಲಕ ಅವರ ಆದರ್ಶಗಳನ್ನು ಬದುಕಾಗಿಸಬೇಕು. ಅವರು ನುಡಿದಂತೆ ನಡೆದ ಮಹನೀಯರು.
ಸಾಧ್ಯ ಎಂಬುದನ್ನು ಅವರು ಸಾಧಿಸಿ ತೋರಿಸಿದ್ದಾರೆ. ಕಾರ್ಯಕ್ರಮದಲ್ಲಿ ಜಿಲ್ಲಾ ಪಂಚಾಯಿತಿ ಉಪಾಧ್ಯಕ್ಷರು ಹಾಗೂ ಅಧಿಕಾರಿಗಳು ಭಾಗವಹಿಸಿದ್ದರು.
ಸಾಮಾಜಿಕ ಸುಧಾರಣೆಗಳ ಬಗ್ಗೆ ಶ್ರಮಿಸಿ ಸಮಾಜದಲ್ಲಿ ಸಮಾನತೆ ತರಲು ಪ್ರಯತ್ನಿಸಿದರು. ಕರ್ನಾಟಕ ಜಾನಪದ ಪರಿಷತ್ ಜಿಲ್ಲಾಧ್ಯಕ್ಷರು ಉಪನ್ಯಾಸ ನೀಡಿದರು. ಸಮಾಜದ ವಿವಿಧ ಮುಖಂಡರು, ಗಣ್ಯರು ಹಾಗೂ ಸಾರ್ವಜನಿಕರು ಕಾರ್ಯಕ್ರಮದಲ್ಲಿ ಪಾಲ್ಗೊಂಡಿದ್ದರು. ಜಿಲ್ಲಾ ಮಟ್ಟದ ಅಧಿಕಾರಿಗಳು ಹಾಜರಿದ್ದರು.
